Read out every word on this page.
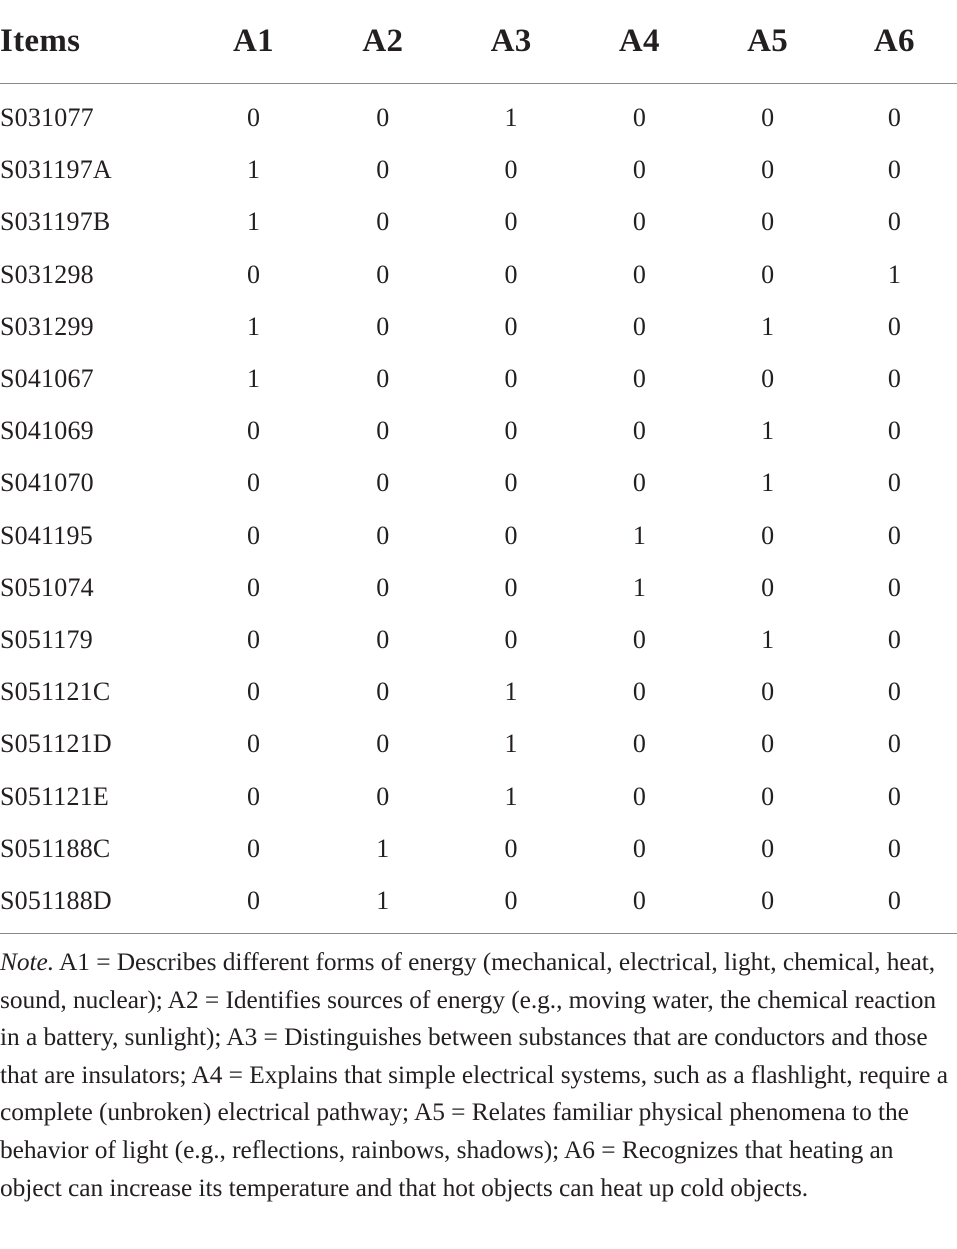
Items	A1	A2	A3	A4	A5	A6
S031077	0	0	1	0	0	0
S031197A	1	0	0	0	0	0
S031197B	1	0	0	0	0	0
S031298	0	0	0	0	0	1
S031299	1	0	0	0	1	0
S041067	1	0	0	0	0	0
S041069	0	0	0	0	1	0
S041070	0	0	0	0	1	0
S041195	0	0	0	1	0	0
S051074	0	0	0	1	0	0
S051179	0	0	0	0	1	0
S051121C	0	0	1	0	0	0
S051121D	0	0	1	0	0	0
S051121E	0	0	1	0	0	0
S051188C	0	1	0	0	0	0
S051188D	0	1	0	0	0	0
Note. A1 = Describes different forms of energy (mechanical, electrical, light, chemical, heat, sound, nuclear); A2 = Identifies sources of energy (e.g., moving water, the chemical reaction in a battery, sunlight); A3 = Distinguishes between substances that are conductors and those that are insulators; A4 = Explains that simple electrical systems, such as a flashlight, require a complete (unbroken) electrical pathway; A5 = Relates familiar physical phenomena to the behavior of light (e.g., reflections, rainbows, shadows); A6 = Recognizes that heating an object can increase its temperature and that hot objects can heat up cold objects.
